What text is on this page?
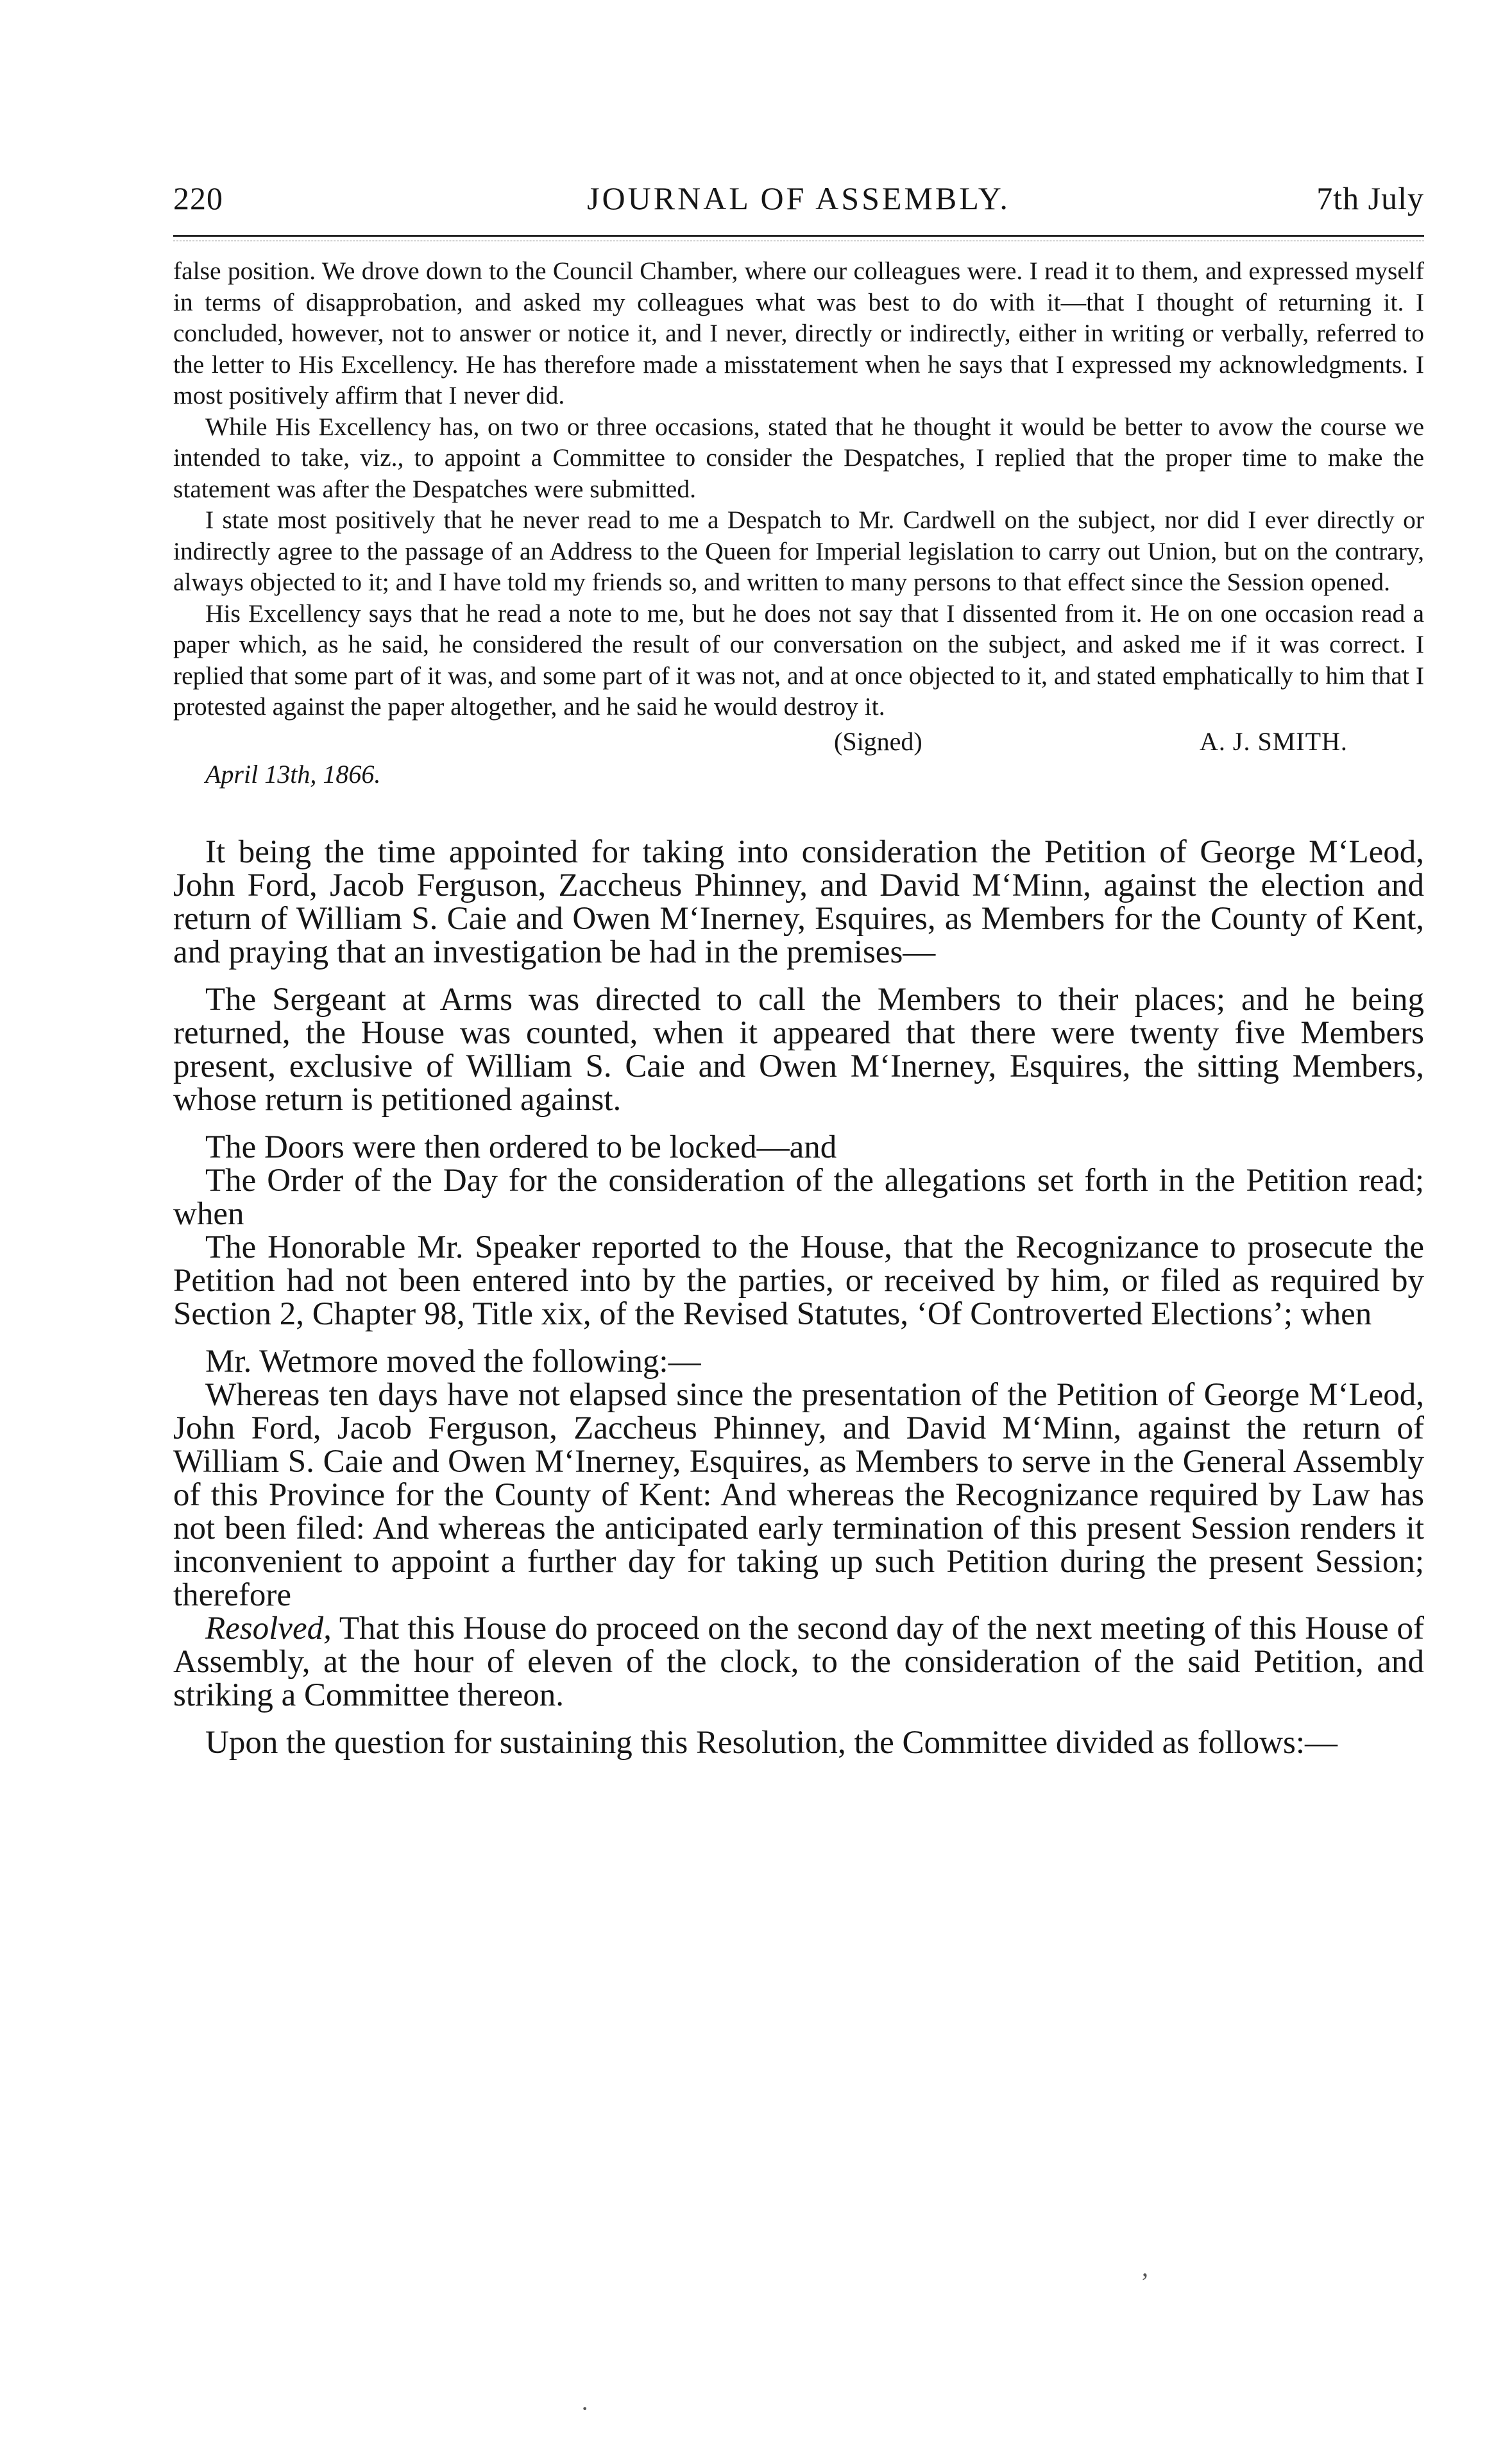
220	JOURNAL OF ASSEMBLY.	7th July

false position. We drove down to the Council Chamber, where our colleagues were. I read it to them, and expressed myself in terms of disapprobation, and asked my colleagues what was best to do with it—that I thought of returning it. I concluded, however, not to answer or notice it, and I never, directly or indirectly, either in writing or verbally, referred to the letter to His Excellency. He has therefore made a misstatement when he says that I expressed my acknowledgments. I most positively affirm that I never did.

While His Excellency has, on two or three occasions, stated that he thought it would be better to avow the course we intended to take, viz., to appoint a Committee to consider the Despatches, I replied that the proper time to make the statement was after the Despatches were submitted.

I state most positively that he never read to me a Despatch to Mr. Cardwell on the subject, nor did I ever directly or indirectly agree to the passage of an Address to the Queen for Imperial legislation to carry out Union, but on the contrary, always objected to it; and I have told my friends so, and written to many persons to that effect since the Session opened.

His Excellency says that he read a note to me, but he does not say that I dissented from it. He on one occasion read a paper which, as he said, he considered the result of our conversation on the subject, and asked me if it was correct. I replied that some part of it was, and some part of it was not, and at once objected to it, and stated emphatically to him that I protested against the paper altogether, and he said he would destroy it.

(Signed)	A. J. SMITH.
April 13th, 1866.

It being the time appointed for taking into consideration the Petition of George M‘Leod, John Ford, Jacob Ferguson, Zaccheus Phinney, and David M‘Minn, against the election and return of William S. Caie and Owen M‘Inerney, Esquires, as Members for the County of Kent, and praying that an investigation be had in the premises—

The Sergeant at Arms was directed to call the Members to their places; and he being returned, the House was counted, when it appeared that there were twenty five Members present, exclusive of William S. Caie and Owen M‘Inerney, Esquires, the sitting Members, whose return is petitioned against.

The Doors were then ordered to be locked—and

The Order of the Day for the consideration of the allegations set forth in the Petition read; when

The Honorable Mr. Speaker reported to the House, that the Recognizance to prosecute the Petition had not been entered into by the parties, or received by him, or filed as required by Section 2, Chapter 98, Title xix, of the Revised Statutes, ‘Of Controverted Elections’; when

Mr. Wetmore moved the following:—

Whereas ten days have not elapsed since the presentation of the Petition of George M‘Leod, John Ford, Jacob Ferguson, Zaccheus Phinney, and David M‘Minn, against the return of William S. Caie and Owen M‘Inerney, Esquires, as Members to serve in the General Assembly of this Province for the County of Kent: And whereas the Recognizance required by Law has not been filed: And whereas the anticipated early termination of this present Session renders it inconvenient to appoint a further day for taking up such Petition during the present Session; therefore

Resolved, That this House do proceed on the second day of the next meeting of this House of Assembly, at the hour of eleven of the clock, to the consideration of the said Petition, and striking a Committee thereon.

Upon the question for sustaining this Resolution, the Committee divided as follows:—

,
·
